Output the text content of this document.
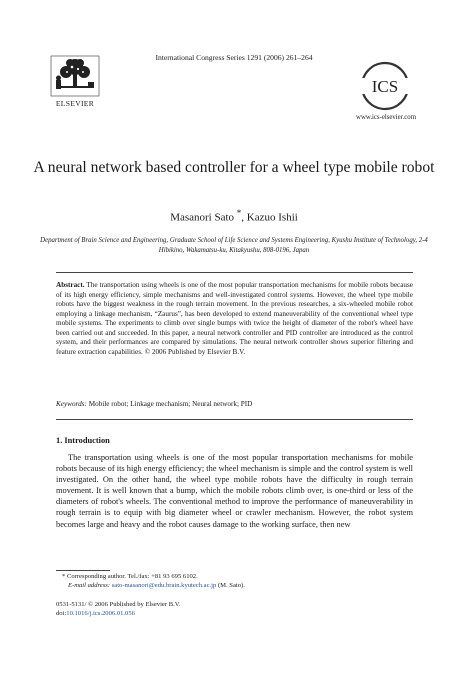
International Congress Series 1291 (2006) 261–264
ELSEVIER
ICS
www.ics-elsevier.com
A neural network based controller for a wheel type mobile robot
Masanori Sato *, Kazuo Ishii
Department of Brain Science and Engineering, Graduate School of Life Science and Systems Engineering, Kyushu Institute of Technology, 2-4 Hibikino, Wakamatsu-ku, Kitakyushu, 808-0196, Japan
Abstract. The transportation using wheels is one of the most popular transportation mechanisms for mobile robots because of its high energy efficiency, simple mechanisms and well-investigated control systems. However, the wheel type mobile robots have the biggest weakness in the rough terrain movement. In the previous researches, a six-wheeled mobile robot employing a linkage mechanism, “Zaurus”, has been developed to extend maneuverability of the conventional wheel type mobile systems. The experiments to climb over single bumps with twice the height of diameter of the robot's wheel have been carried out and succeeded. In this paper, a neural network controller and PID controller are introduced as the control system, and their performances are compared by simulations. The neural network controller shows superior filtering and feature extraction capabilities. © 2006 Published by Elsevier B.V.
Keywords: Mobile robot; Linkage mechanism; Neural network; PID
1. Introduction
The transportation using wheels is one of the most popular transportation mechanisms for mobile robots because of its high energy efficiency; the wheel mechanism is simple and the control system is well investigated. On the other hand, the wheel type mobile robots have the difficulty in rough terrain movement. It is well known that a bump, which the mobile robots climb over, is one-third or less of the diameters of robot's wheels. The conventional method to improve the performance of maneuverability in rough terrain is to equip with big diameter wheel or crawler mechanism. However, the robot system becomes large and heavy and the robot causes damage to the working surface, then new
* Corresponding author. Tel./fax: +81 93 695 6102.
E-mail address: sato-masanori@edu.brain.kyutech.ac.jp (M. Sato).
0531-5131/ © 2006 Published by Elsevier B.V.
doi:10.1016/j.ics.2006.01.056
